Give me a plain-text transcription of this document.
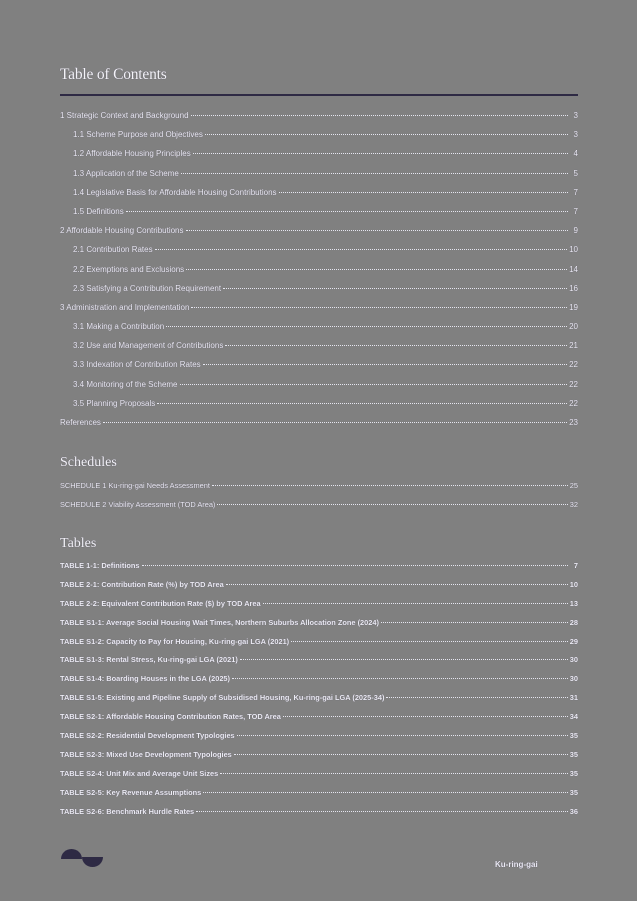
Table of Contents
1 Strategic Context and Background	3
1.1 Scheme Purpose and Objectives	3
1.2 Affordable Housing Principles	4
1.3 Application of the Scheme	5
1.4 Legislative Basis for Affordable Housing Contributions	7
1.5 Definitions	7
2 Affordable Housing Contributions	9
2.1 Contribution Rates	10
2.2 Exemptions and Exclusions	14
2.3 Satisfying a Contribution Requirement	16
3 Administration and Implementation	19
3.1 Making a Contribution	20
3.2 Use and Management of Contributions	21
3.3 Indexation of Contribution Rates	22
3.4 Monitoring of the Scheme	22
3.5 Planning Proposals	22
References	23
Schedules
SCHEDULE 1 Ku-ring-gai Needs Assessment	25
SCHEDULE 2 Viability Assessment (TOD Area)	32
Tables
TABLE 1-1: Definitions	7
TABLE 2-1: Contribution Rate (%) by TOD Area	10
TABLE 2-2: Equivalent Contribution Rate ($) by TOD Area	13
TABLE S1-1: Average Social Housing Wait Times, Northern Suburbs Allocation Zone (2024)	28
TABLE S1-2: Capacity to Pay for Housing, Ku-ring-gai LGA (2021)	29
TABLE S1-3: Rental Stress, Ku-ring-gai LGA (2021)	30
TABLE S1-4: Boarding Houses in the LGA (2025)	30
TABLE S1-5: Existing and Pipeline Supply of Subsidised Housing, Ku-ring-gai LGA (2025-34)	31
TABLE S2-1: Affordable Housing Contribution Rates, TOD Area	34
TABLE S2-2: Residential Development Typologies	35
TABLE S2-3: Mixed Use Development Typologies	35
TABLE S2-4: Unit Mix and Average Unit Sizes	35
TABLE S2-5: Key Revenue Assumptions	35
TABLE S2-6: Benchmark Hurdle Rates	36
Ku-ring-gai
